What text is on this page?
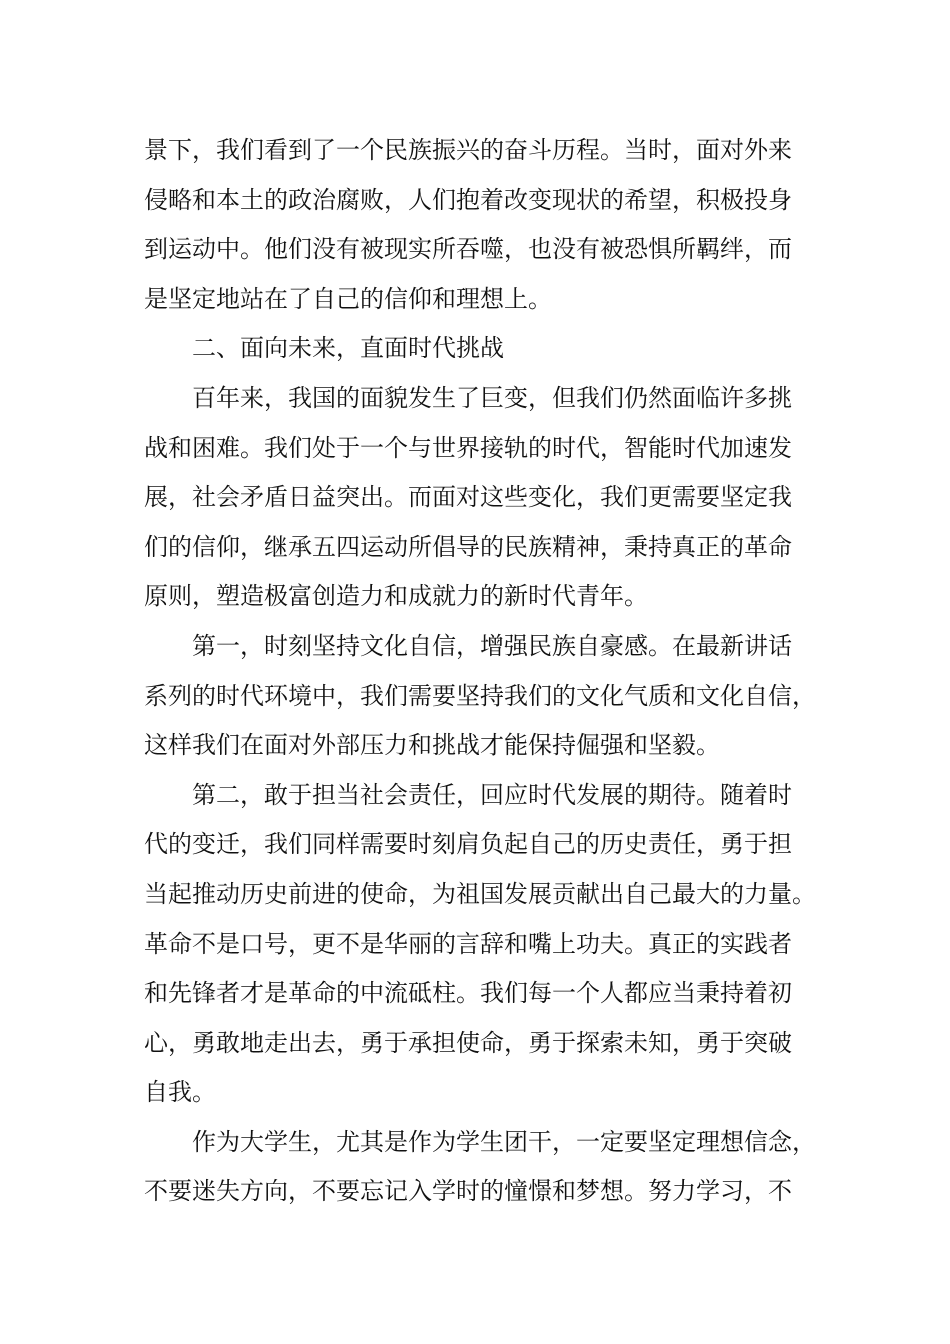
景下，我们看到了一个民族振兴的奋斗历程。当时，面对外来
侵略和本土的政治腐败，人们抱着改变现状的希望，积极投身
到运动中。他们没有被现实所吞噬，也没有被恐惧所羁绊，而
是坚定地站在了自己的信仰和理想上。
二、面向未来，直面时代挑战
百年来，我国的面貌发生了巨变，但我们仍然面临许多挑
战和困难。我们处于一个与世界接轨的时代，智能时代加速发
展，社会矛盾日益突出。而面对这些变化，我们更需要坚定我
们的信仰，继承五四运动所倡导的民族精神，秉持真正的革命
原则，塑造极富创造力和成就力的新时代青年。
第一，时刻坚持文化自信，增强民族自豪感。在最新讲话
系列的时代环境中，我们需要坚持我们的文化气质和文化自信，
这样我们在面对外部压力和挑战才能保持倔强和坚毅。
第二，敢于担当社会责任，回应时代发展的期待。随着时
代的变迁，我们同样需要时刻肩负起自己的历史责任，勇于担
当起推动历史前进的使命，为祖国发展贡献出自己最大的力量。
革命不是口号，更不是华丽的言辞和嘴上功夫。真正的实践者
和先锋者才是革命的中流砥柱。我们每一个人都应当秉持着初
心，勇敢地走出去，勇于承担使命，勇于探索未知，勇于突破
自我。
作为大学生，尤其是作为学生团干，一定要坚定理想信念，
不要迷失方向，不要忘记入学时的憧憬和梦想。努力学习，不
